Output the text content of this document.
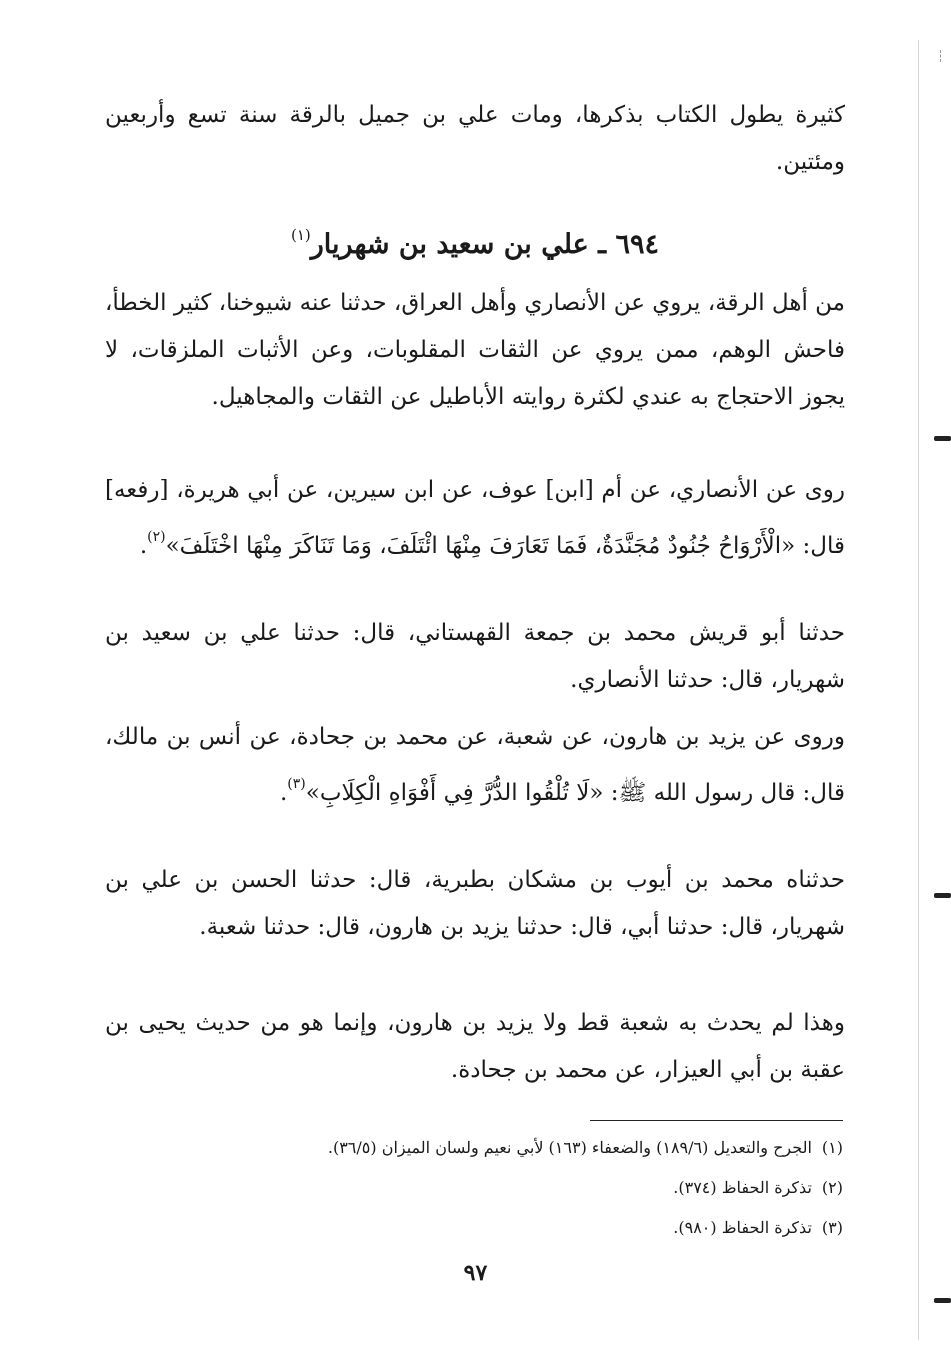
كثيرة يطول الكتاب بذكرها، ومات علي بن جميل بالرقة سنة تسع وأربعين ومئتين.
٦٩٤ ـ علي بن سعيد بن شهريار$^{(١)}$
من أهل الرقة، يروي عن الأنصاري وأهل العراق، حدثنا عنه شيوخنا، كثير الخطأ، فاحش الوهم، ممن يروي عن الثقات المقلوبات، وعن الأثبات الملزقات، لا يجوز الاحتجاج به عندي لكثرة روايته الأباطيل عن الثقات والمجاهيل.
روى عن الأنصاري، عن أم [ابن] عوف، عن ابن سيرين، عن أبي هريرة، [رفعه] قال: «الْأَرْوَاحُ جُنُودٌ مُجَنَّدَةٌ، فَمَا تَعَارَفَ مِنْهَا ائْتَلَفَ، وَمَا تَنَاكَرَ مِنْهَا اخْتَلَفَ»$^{(٢)}$.
حدثنا أبو قريش محمد بن جمعة القهستاني، قال: حدثنا علي بن سعيد بن شهريار، قال: حدثنا الأنصاري.
وروى عن يزيد بن هارون، عن شعبة، عن محمد بن جحادة، عن أنس بن مالك، قال: قال رسول الله ﷺ: «لَا تُلْقُوا الدُّرَّ فِي أَفْوَاهِ الْكِلَابِ»$^{(٣)}$.
حدثناه محمد بن أيوب بن مشكان بطبرية، قال: حدثنا الحسن بن علي بن شهريار، قال: حدثنا أبي، قال: حدثنا يزيد بن هارون، قال: حدثنا شعبة.
وهذا لم يحدث به شعبة قط ولا يزيد بن هارون، وإنما هو من حديث يحيى بن عقبة بن أبي العيزار، عن محمد بن جحادة.
(١)الجرح والتعديل (١٨٩/٦) والضعفاء (١٦٣) لأبي نعيم ولسان الميزان (٣٦/٥).
(٢)تذكرة الحفاظ (٣٧٤).
(٣)تذكرة الحفاظ (٩٨٠).
٩٧
